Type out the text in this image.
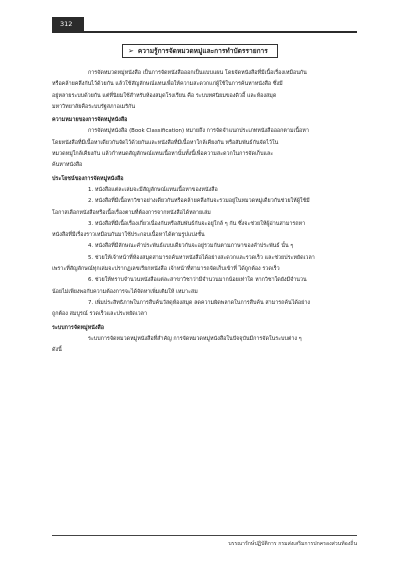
312
➢ ความรู้การจัดหมวดหมู่และการทำบัตรรายการ

การจัดหมวดหมู่หนังสือ เป็นการจัดหนังสือออกเป็นแบบแผน โดยจัดหนังสือที่มีเนื้อเรื่องเหมือนกัน

หรือคล้ายคลึงกันไว้ด้วยกัน แล้วใช้สัญลักษณ์แทนเพื่อให้ความสะดวกแก่ผู้ใช้ในการค้นหาหนังสือ ซึ่งมี

อยู่หลายระบบด้วยกัน แต่ที่นิยมใช้สำหรับห้องสมุดโรงเรียน คือ ระบบทศนิยมของดิวอี้ และห้องสมุด

มหาวิทยาลัยคือระบบรัฐสภาอเมริกัน

ความหมายของการจัดหมู่หนังสือ

การจัดหมู่หนังสือ (Book Classification) หมายถึง การจัดจำแนกประเภทหนังสือออกตามเนื้อหา

โดยหนังสือที่มีเนื้อหาเดียวกันจัดไว้ด้วยกันและหนังสือที่มีเนื้อหาใกล้เคียงกัน หรือสัมพันธ์กันจัดไว้ใน

หมวดหมู่ใกล้เคียงกัน แล้วกำหนดสัญลักษณ์แทนเนื้อหานั้นทั้งนี้เพื่อความสะดวกในการจัดเก็บและ

ค้นหาหนังสือ

ประโยชน์ของการจัดหมู่หนังสือ

1. หนังสือแต่ละเล่มจะมีสัญลักษณ์แทนเนื้อหาของหนังสือ

2. หนังสือที่มีเนื้อหาวิชาอย่างเดียวกันหรือคล้ายคลึงกันจะรวมอยู่ในหมวดหมู่เดียวกันช่วยให้ผู้ใช้มี

โอกาสเลือกหนังสือหรือเนื้อเรื่องตามที่ต้องการจากหนังสือได้หลายเล่ม

3. หนังสือที่มีเนื้อเรื่องเกี่ยวเนื่องกันหรือสัมพันธ์กันจะอยู่ใกล้ ๆ กัน ซึ่งจะช่วยให้ผู้อ่านสามารถหา

หนังสือที่มีเรื่องราวเหมือนกันมาใช้ประกอบเนื้อหาได้ตามรูปแบ่งชั้น

4. หนังสือที่มีลักษณะคำประพันธ์แบบเดียวกันจะอยู่รวมกันตามภาษาของคำประพันธ์ นั้น ๆ

5. ช่วยให้เจ้าหน้าที่ห้องสมุดสามารถค้นหาหนังสือได้อย่างสะดวกและรวดเร็ว และช่วยประหยัดเวลา

เพราะที่สัญลักษณ์ทุกเล่มจะปรากฏเลขเรียกหนังสือ เจ้าหน้าที่สามารถจัดเก็บเข้าที่ ได้ถูกต้อง รวดเร็ว

6. ช่วยให้ทราบจำนวนหนังสือแต่ละสาขาวิชาว่ามีจำนวนมากน้อยเท่าใด หากวิชาใดยังมีจำนวน

น้อยไม่เพียงพอกับความต้องการจะได้จัดหาเพิ่มเติมให้ เหมาะสม

7. เพิ่มประสิทธิภาพในการสืบค้นวัสดุห้องสมุด ลดความผิดพลาดในการสืบค้น สามารถค้นได้อย่าง

ถูกต้อง สมบูรณ์ รวดเร็วและประหยัดเวลา

ระบบการจัดหมู่หนังสือ

ระบบการจัดหมวดหมู่หนังสือที่สำคัญ การจัดหมวดหมู่หนังสือในปัจจุบันมีการจัดในระบบต่าง ๆ

ดังนี้

บรรณารักษ์ปฏิบัติการ กรมส่งเสริมการปกครองส่วนท้องถิ่น
